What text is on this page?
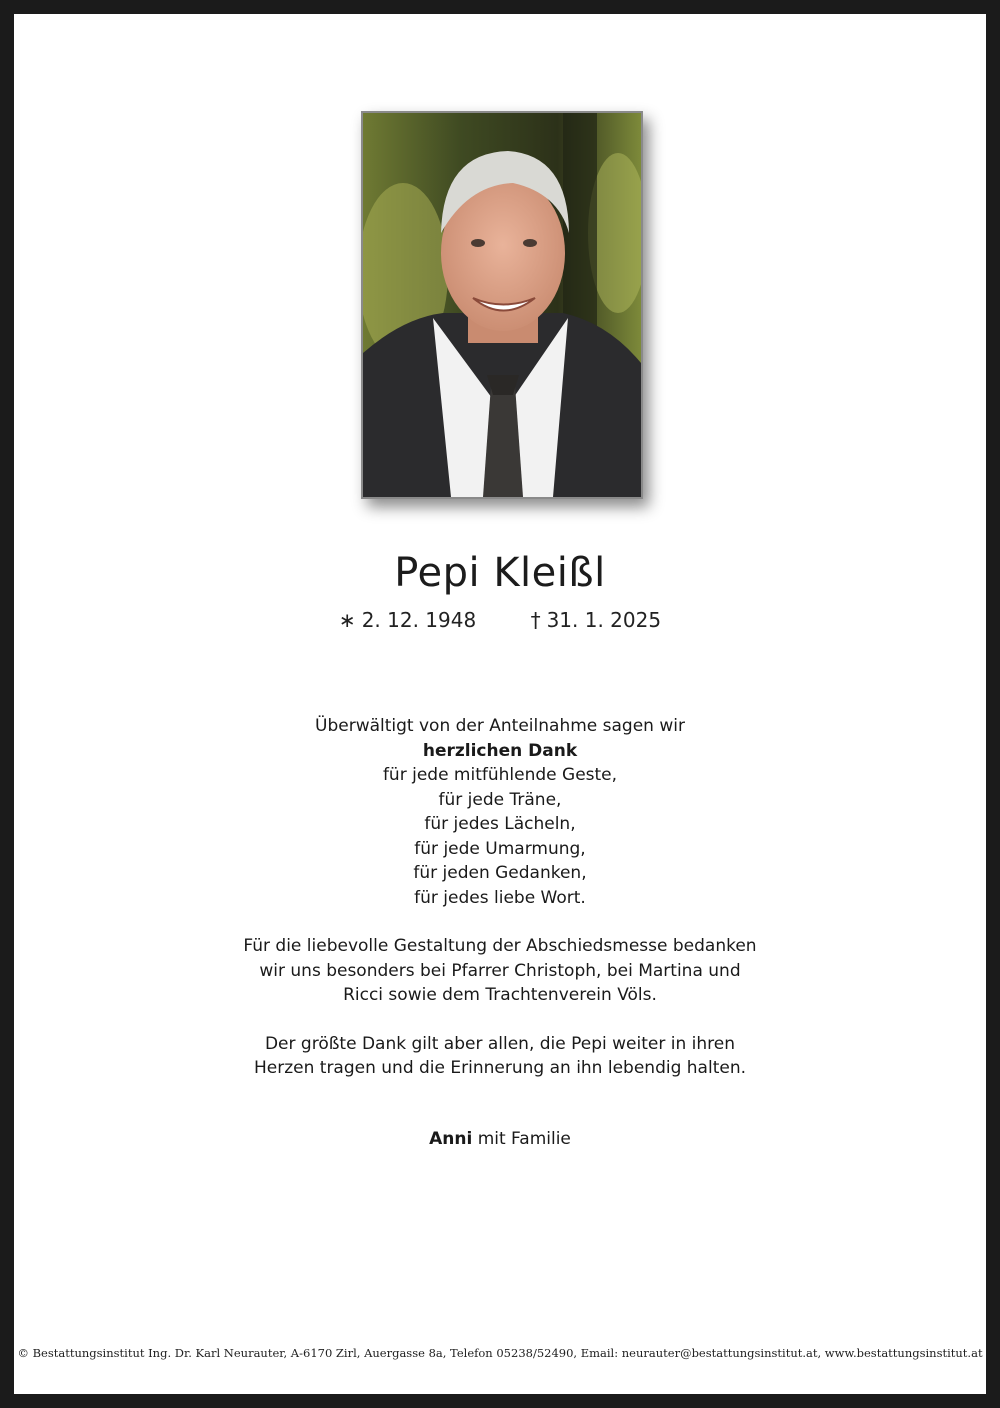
Pepi Kleißl
∗ 2. 12. 1948	† 31. 1. 2025
Überwältigt von der Anteilnahme sagen wir
herzlichen Dank
für jede mitfühlende Geste,
für jede Träne,
für jedes Lächeln,
für jede Umarmung,
für jeden Gedanken,
für jedes liebe Wort.
Für die liebevolle Gestaltung der Abschiedsmesse bedanken
wir uns besonders bei Pfarrer Christoph, bei Martina und
Ricci sowie dem Trachtenverein Völs.
Der größte Dank gilt aber allen, die Pepi weiter in ihren
Herzen tragen und die Erinnerung an ihn lebendig halten.
Anni mit Familie
© Bestattungsinstitut Ing. Dr. Karl Neurauter, A-6170 Zirl, Auergasse 8a, Telefon 05238/52490, Email: neurauter@bestattungsinstitut.at, www.bestattungsinstitut.at
